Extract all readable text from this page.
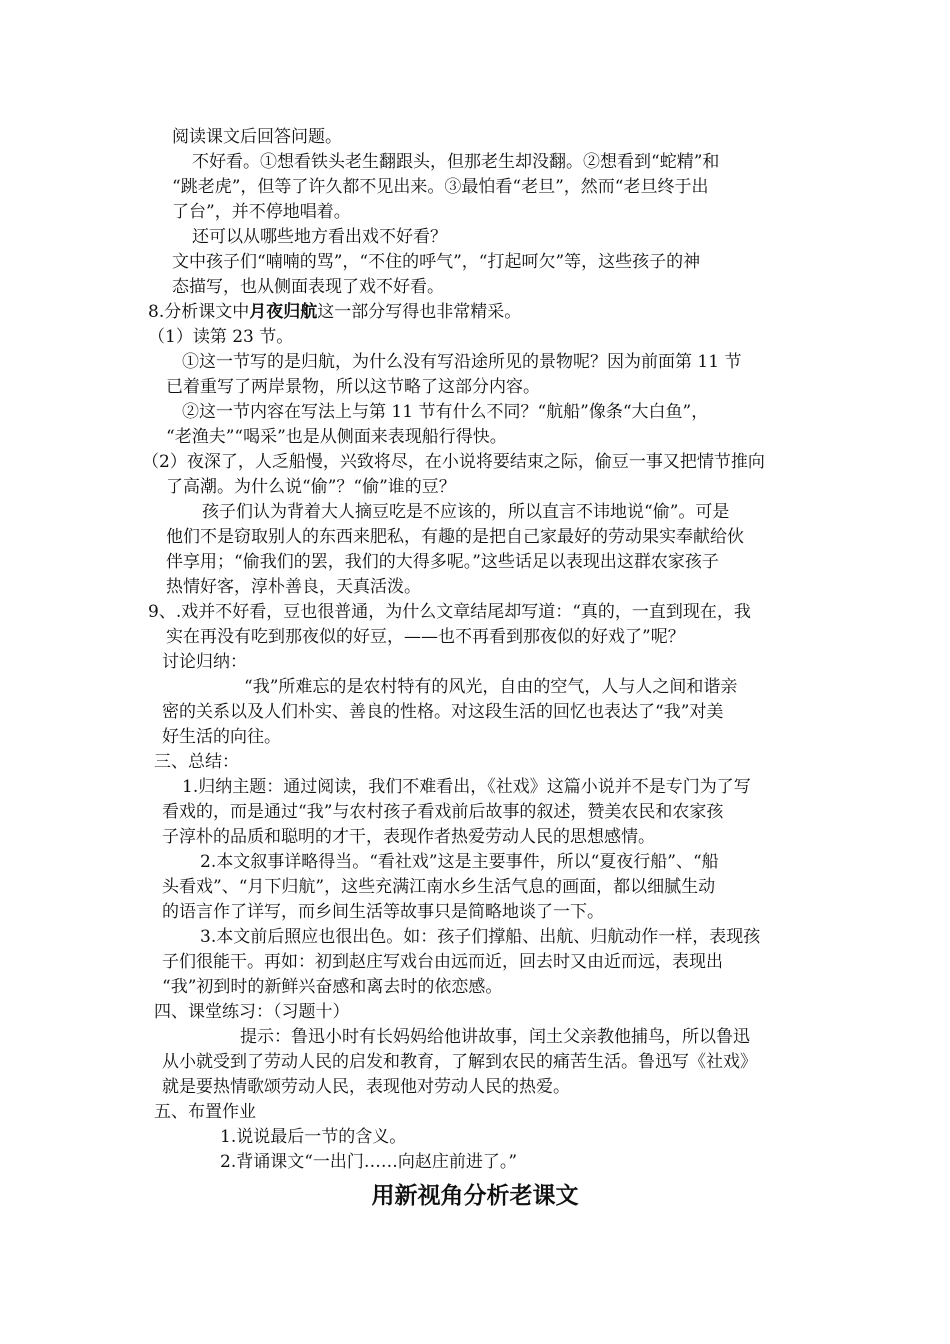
阅读课文后回答问题。
不好看。①想看铁头老生翻跟头，但那老生却没翻。②想看到“蛇精”和
“跳老虎”，但等了许久都不见出来。③最怕看“老旦”，然而“老旦终于出
了台”，并不停地唱着。
还可以从哪些地方看出戏不好看？
文中孩子们“喃喃的骂”，“不住的呼气”，“打起呵欠”等，这些孩子的神
态描写，也从侧面表现了戏不好看。
8.分析课文中月夜归航这一部分写得也非常精采。
（1）读第 23 节。
①这一节写的是归航，为什么没有写沿途所见的景物呢？因为前面第 11 节
已着重写了两岸景物，所以这节略了这部分内容。
②这一节内容在写法上与第 11 节有什么不同？“航船”像条“大白鱼”，
“老渔夫”“喝采”也是从侧面来表现船行得快。
（2）夜深了，人乏船慢，兴致将尽，在小说将要结束之际，偷豆一事又把情节推向
了高潮。为什么说“偷”？“偷”谁的豆？
孩子们认为背着大人摘豆吃是不应该的，所以直言不讳地说“偷”。可是
他们不是窃取别人的东西来肥私，有趣的是把自己家最好的劳动果实奉献给伙
伴享用；“偷我们的罢，我们的大得多呢。”这些话足以表现出这群农家孩子
热情好客，淳朴善良，天真活泼。
9、.戏并不好看，豆也很普通，为什么文章结尾却写道：“真的，一直到现在，我
实在再没有吃到那夜似的好豆，——也不再看到那夜似的好戏了”呢？
讨论归纳：
“我”所难忘的是农村特有的风光，自由的空气，人与人之间和谐亲
密的关系以及人们朴实、善良的性格。对这段生活的回忆也表达了“我”对美
好生活的向往。
三、总结：
1.归纳主题：通过阅读，我们不难看出，《社戏》这篇小说并不是专门为了写
看戏的，而是通过“我”与农村孩子看戏前后故事的叙述，赞美农民和农家孩
子淳朴的品质和聪明的才干，表现作者热爱劳动人民的思想感情。
2.本文叙事详略得当。“看社戏”这是主要事件，所以“夏夜行船”、“船
头看戏”、“月下归航”，这些充满江南水乡生活气息的画面，都以细腻生动
的语言作了详写，而乡间生活等故事只是简略地谈了一下。
3.本文前后照应也很出色。如：孩子们撑船、出航、归航动作一样，表现孩
子们很能干。再如：初到赵庄写戏台由远而近，回去时又由近而远，表现出
“我”初到时的新鲜兴奋感和离去时的依恋感。
四、课堂练习：（习题十）
提示：鲁迅小时有长妈妈给他讲故事，闰土父亲教他捕鸟，所以鲁迅
从小就受到了劳动人民的启发和教育，了解到农民的痛苦生活。鲁迅写《社戏》
就是要热情歌颂劳动人民，表现他对劳动人民的热爱。
五、布置作业
1.说说最后一节的含义。
2.背诵课文“一出门……向赵庄前进了。”
用新视角分析老课文
